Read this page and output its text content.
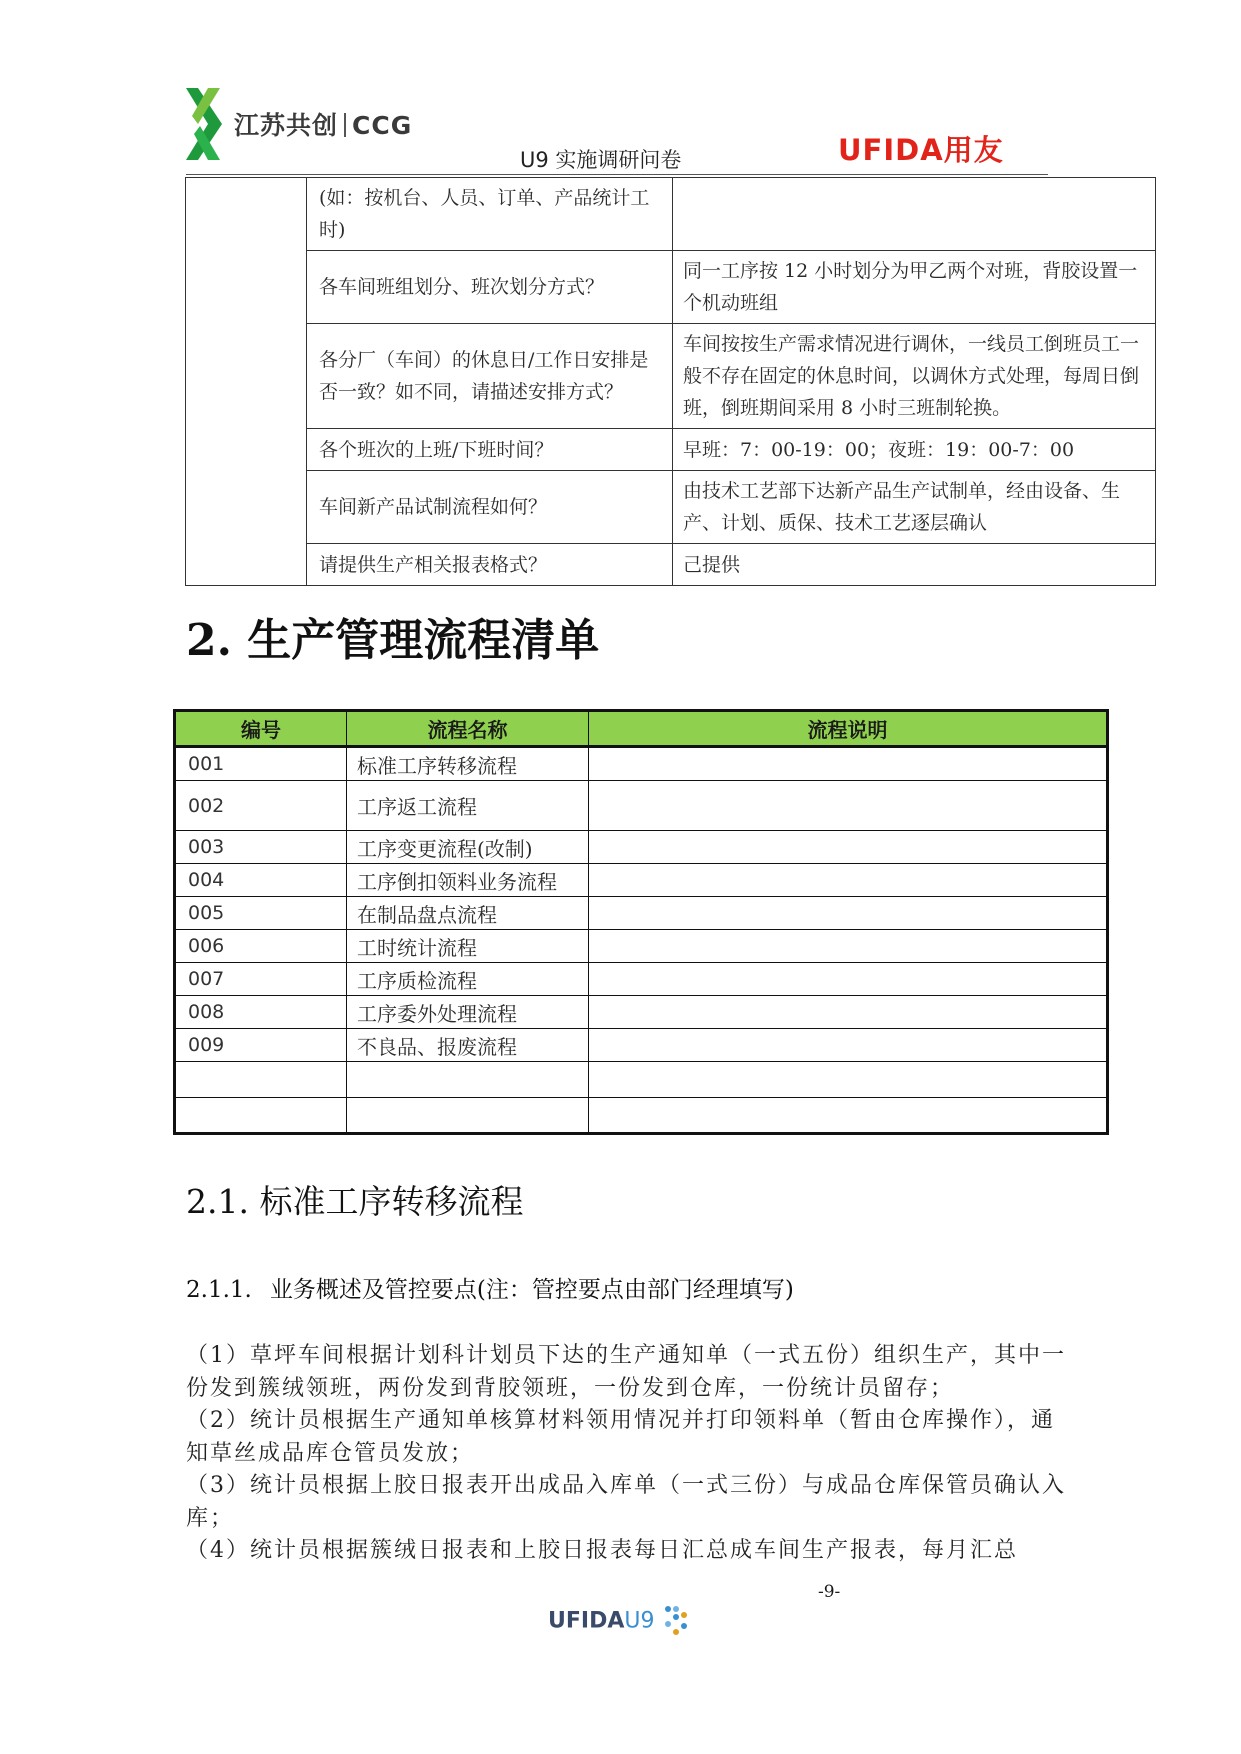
江苏共创 CCG
U9 实施调研问卷	UFIDA用友
	(如：按机台、人员、订单、产品统计工时)	
	各车间班组划分、班次划分方式？	同一工序按 12 小时划分为甲乙两个对班，背胶设置一个机动班组
	各分厂（车间）的休息日/工作日安排是否一致？如不同，请描述安排方式？	车间按按生产需求情况进行调休，一线员工倒班员工一般不存在固定的休息时间，以调休方式处理，每周日倒班，倒班期间采用 8 小时三班制轮换。
	各个班次的上班/下班时间？	早班：7：00-19：00；夜班：19：00-7：00
	车间新产品试制流程如何？	由技术工艺部下达新产品生产试制单，经由设备、生产、计划、质保、技术工艺逐层确认
	请提供生产相关报表格式？	己提供
2. 生产管理流程清单
编号	流程名称	流程说明
001	标准工序转移流程	
002	工序返工流程	
003	工序变更流程(改制)	
004	工序倒扣领料业务流程	
005	在制品盘点流程	
006	工时统计流程	
007	工序质检流程	
008	工序委外处理流程	
009	不良品、报废流程	

2.1. 标准工序转移流程
2.1.1. 业务概述及管控要点(注：管控要点由部门经理填写)

（1）草坪车间根据计划科计划员下达的生产通知单（一式五份）组织生产，其中一份发到簇绒领班，两份发到背胶领班，一份发到仓库，一份统计员留存；

（2）统计员根据生产通知单核算材料领用情况并打印领料单（暂由仓库操作），通知草丝成品库仓管员发放；

（3）统计员根据上胶日报表开出成品入库单（一式三份）与成品仓库保管员确认入库；

（4）统计员根据簇绒日报表和上胶日报表每日汇总成车间生产报表，每月汇总

-9-
UFIDAU9
